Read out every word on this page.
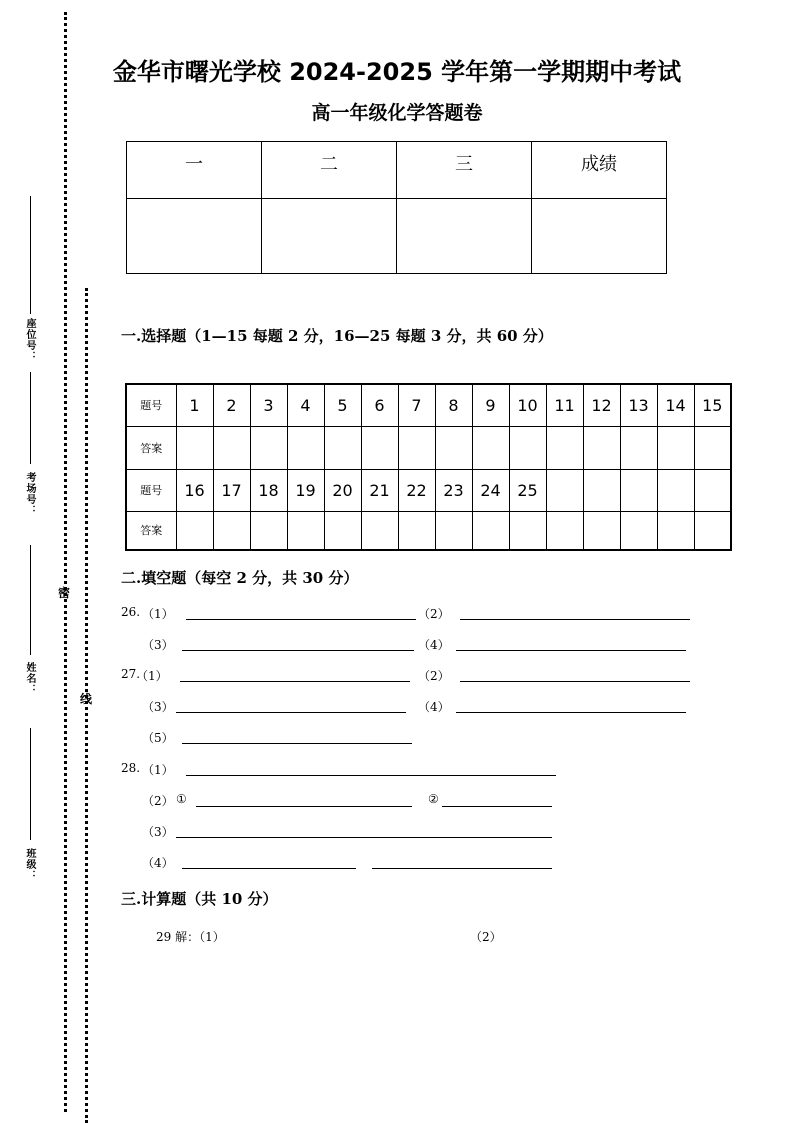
座位号：
考场号：
姓名：
班级：
密
线
金华市曙光学校 2024-2025 学年第一学期期中考试
高一年级化学答题卷
一	二	三	成绩

一.选择题（1—15 每题 2 分，16—25 每题 3 分，共 60 分）
题号	1	2	3	4	5	6	7	8	9	10	11	12	13	14	15
答案															
题号	16	17	18	19	20	21	22	23	24	25					
答案															
二.填空题（每空 2 分，共 30 分）
26. （1）	（2）
（3）	（4）
27.
（1）	（2）
（3）	（4）
（5）
28. （1）
（2） ①	②
（3）
（4）
三.计算题（共 10 分）
29 解：（1）	（2）
